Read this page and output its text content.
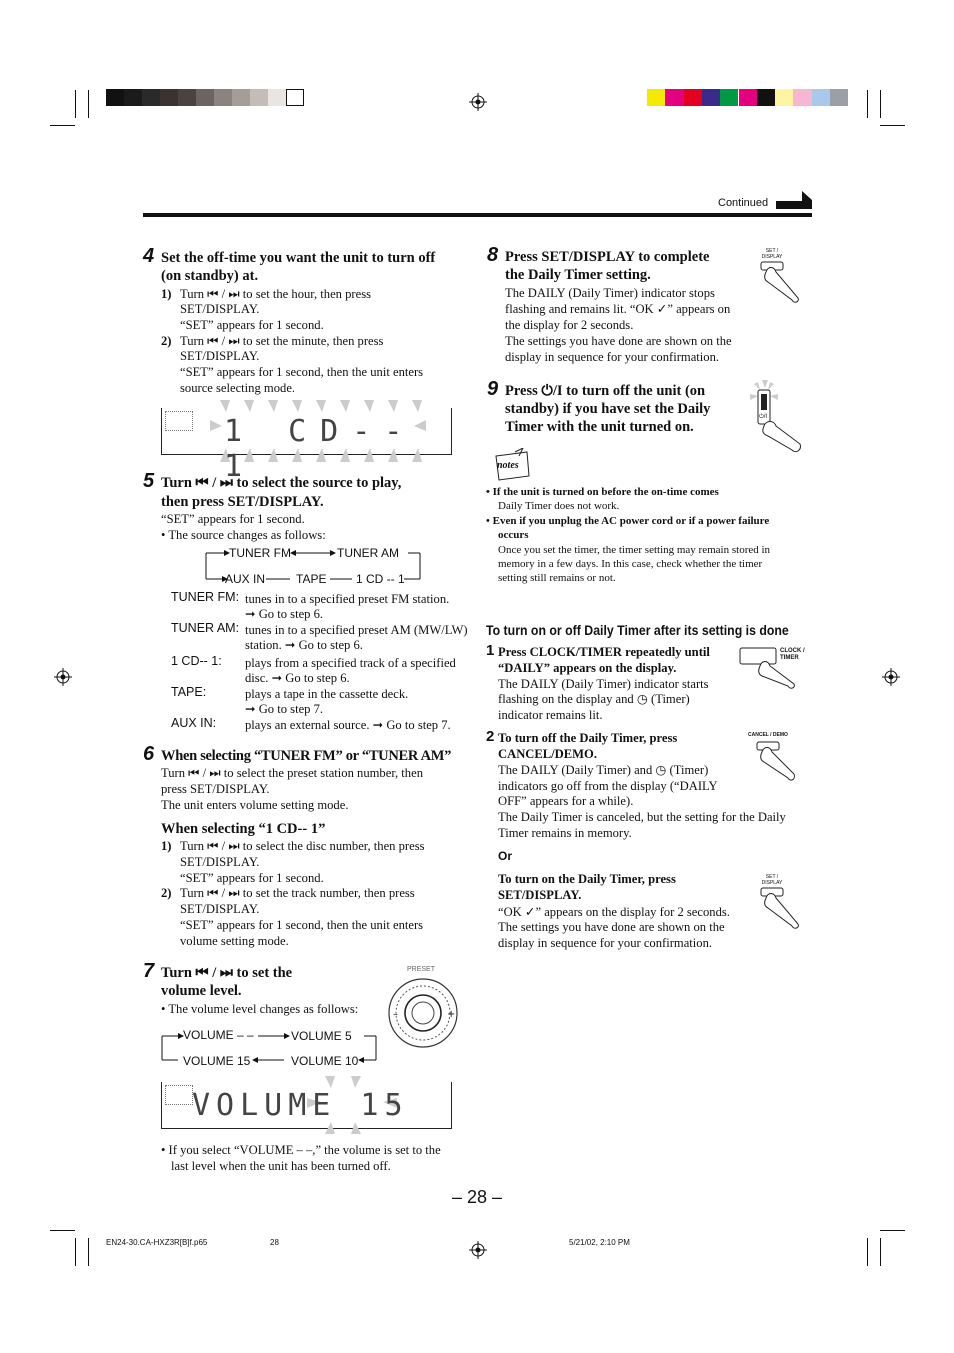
Continued
4 Set the off-time you want the unit to turn off
(on standby) at.
1) Turn ⏮ / ⏭ to set the hour, then press
SET/DISPLAY.
“SET” appears for 1 second.
2) Turn ⏮ / ⏭ to set the minute, then press
SET/DISPLAY.
“SET” appears for 1 second, then the unit enters
source selecting mode.
1 CD-- 1
5 Turn ⏮ / ⏭ to select the source to play,
then press SET/DISPLAY.
“SET” appears for 1 second.
• The source changes as follows:
TUNER FM	TUNER AM
AUX IN	TAPE 1 CD -- 1
TUNER FM: tunes in to a specified preset FM station.
➞ Go to step 6.
TUNER AM: tunes in to a specified preset AM (MW/LW)
station. ➞ Go to step 6.
1 CD-- 1: plays from a specified track of a specified
disc. ➞ Go to step 6.
TAPE:	plays a tape in the cassette deck.
➞ Go to step 7.
AUX IN: plays an external source. ➞ Go to step 7.
6 When selecting “TUNER FM” or “TUNER AM”
Turn ⏮ / ⏭ to select the preset station number, then
press SET/DISPLAY.
The unit enters volume setting mode.
When selecting “1 CD-- 1”
1) Turn ⏮ / ⏭ to select the disc number, then press
SET/DISPLAY.
“SET” appears for 1 second.
2) Turn ⏮ / ⏭ to set the track number, then press
SET/DISPLAY.
“SET” appears for 1 second, then the unit enters
volume setting mode.
7 Turn ⏮ / ⏭ to set the
volume level.
• The volume level changes as follows:
PRESET
–	+
VOLUME – –	VOLUME 5
VOLUME 15	VOLUME 10
VOLUME 15
• If you select “VOLUME – –,” the volume is set to the
last level when the unit has been turned off.
8 Press SET/DISPLAY to complete
the Daily Timer setting.
The DAILY (Daily Timer) indicator stops
flashing and remains lit. “OK ✓” appears on
the display for 2 seconds.
The settings you have done are shown on the
display in sequence for your confirmation.
SET / DISPLAY
9 Press ⏻/I to turn off the unit (on
standby) if you have set the Daily
Timer with the unit turned on.
⏻/I
notes
• If the unit is turned on before the on-time comes
Daily Timer does not work.
• Even if you unplug the AC power cord or if a power failure
occurs
Once you set the timer, the timer setting may remain stored in
memory in a few days. In this case, check whether the timer
setting still remains or not.
To turn on or off Daily Timer after its setting is done
1 Press CLOCK/TIMER repeatedly until
“DAILY” appears on the display.
The DAILY (Daily Timer) indicator starts
flashing on the display and ◷ (Timer)
indicator remains lit.
CLOCK / TIMER
2 To turn off the Daily Timer, press
CANCEL/DEMO.
The DAILY (Daily Timer) and ◷ (Timer)
indicators go off from the display (“DAILY
OFF” appears for a while).
The Daily Timer is canceled, but the setting for the Daily
Timer remains in memory.
CANCEL / DEMO
Or
To turn on the Daily Timer, press
SET/DISPLAY.
“OK ✓” appears on the display for 2 seconds.
The settings you have done are shown on the
display in sequence for your confirmation.
SET / DISPLAY
– 28 –
EN24-30.CA-HXZ3R[B]f.p65	28	5/21/02, 2:10 PM
